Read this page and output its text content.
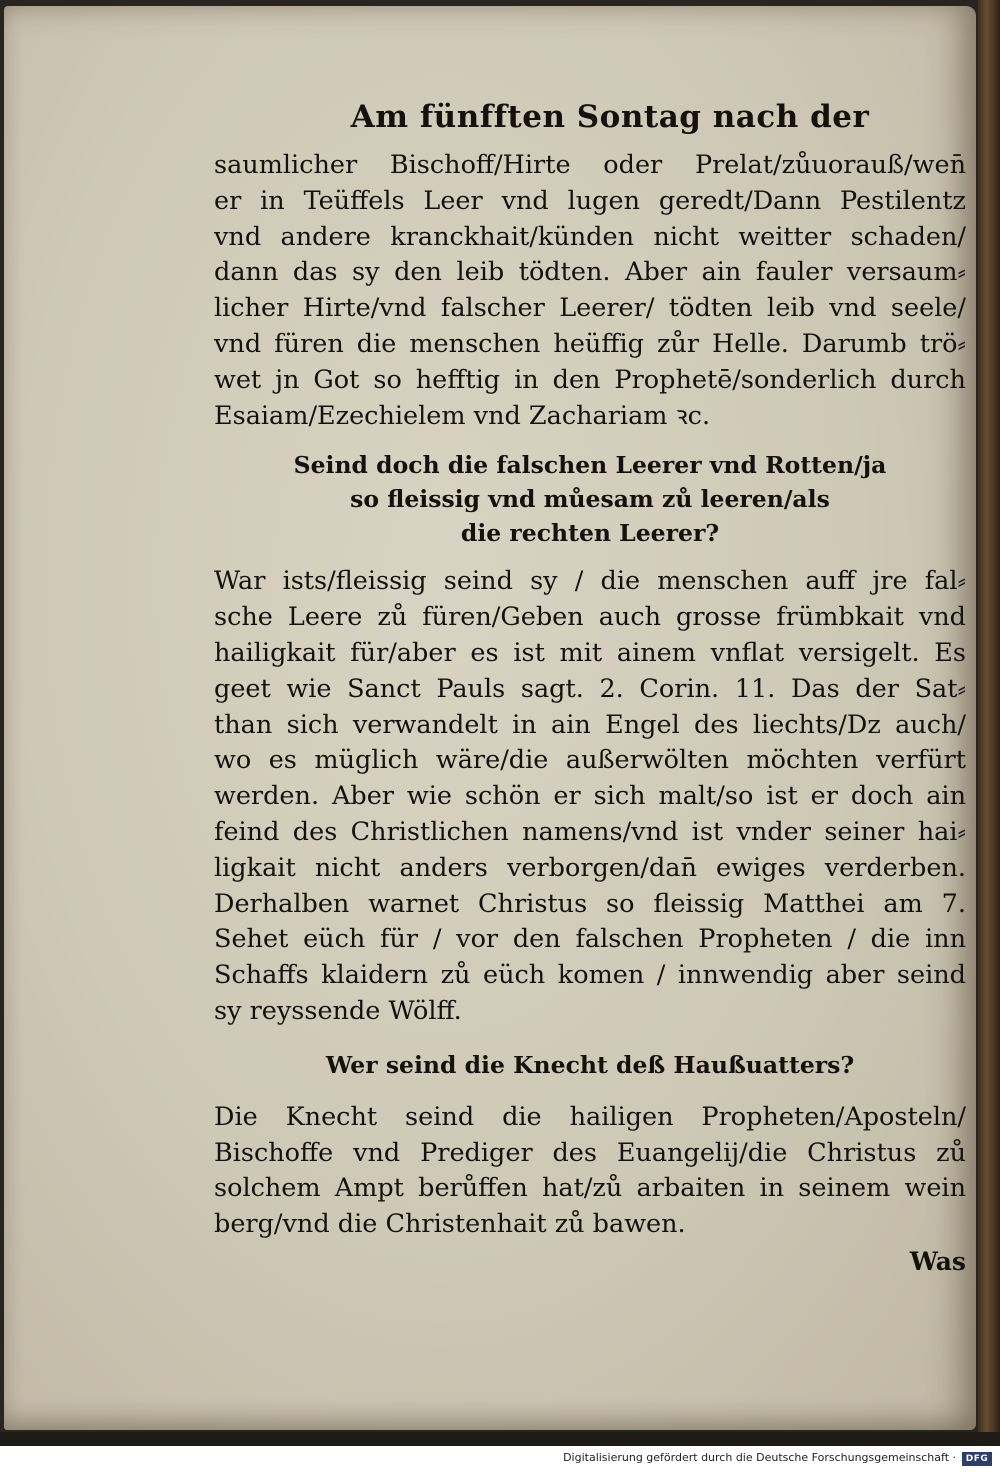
Am fünfften Sontag nach der

saumlicher Bischoff/Hirte oder Prelat/zůuorauß/wen̄
er in Teüffels Leer vnd lugen geredt/Dann Pestilentz
vnd andere kranckhait/künden nicht weitter schaden/
dann das sy den leib tödten. Aber ain fauler versaum⸗
licher Hirte/vnd falscher Leerer/ tödten leib vnd seele/
vnd füren die menschen heüffig zůr Helle. Darumb trö⸗
wet jn Got so hefftig in den Prophetē/sonderlich durch
Esaiam/Ezechielem vnd Zachariam ꝛc.

Seind doch die falschen Leerer vnd Rotten/ja
so fleissig vnd můesam zů leeren/als
die rechten Leerer?

War ists/fleissig seind sy / die menschen auff jre fal⸗
sche Leere zů füren/Geben auch grosse frümbkait vnd
hailigkait für/aber es ist mit ainem vnflat versigelt. Es
geet wie Sanct Pauls sagt. 2. Corin. 11. Das der Sat⸗
than sich verwandelt in ain Engel des liechts/Dz auch/
wo es müglich wäre/die außerwölten möchten verfürt
werden. Aber wie schön er sich malt/so ist er doch ain
feind des Christlichen namens/vnd ist vnder seiner hai⸗
ligkait nicht anders verborgen/dan̄ ewiges verderben.
Derhalben warnet Christus so fleissig Matthei am 7.
Sehet eüch für / vor den falschen Propheten / die inn
Schaffs klaidern zů eüch komen / innwendig aber seind
sy reyssende Wölff.

Wer seind die Knecht deß Haußuatters?

Die Knecht seind die hailigen Propheten/Aposteln/
Bischoffe vnd Prediger des Euangelij/die Christus zů
solchem Ampt berůffen hat/zů arbaiten in seinem wein
berg/vnd die Christenhait zů bawen.

Was
Digitalisierung gefördert durch die Deutsche Forschungsgemeinschaft ·	DFG
